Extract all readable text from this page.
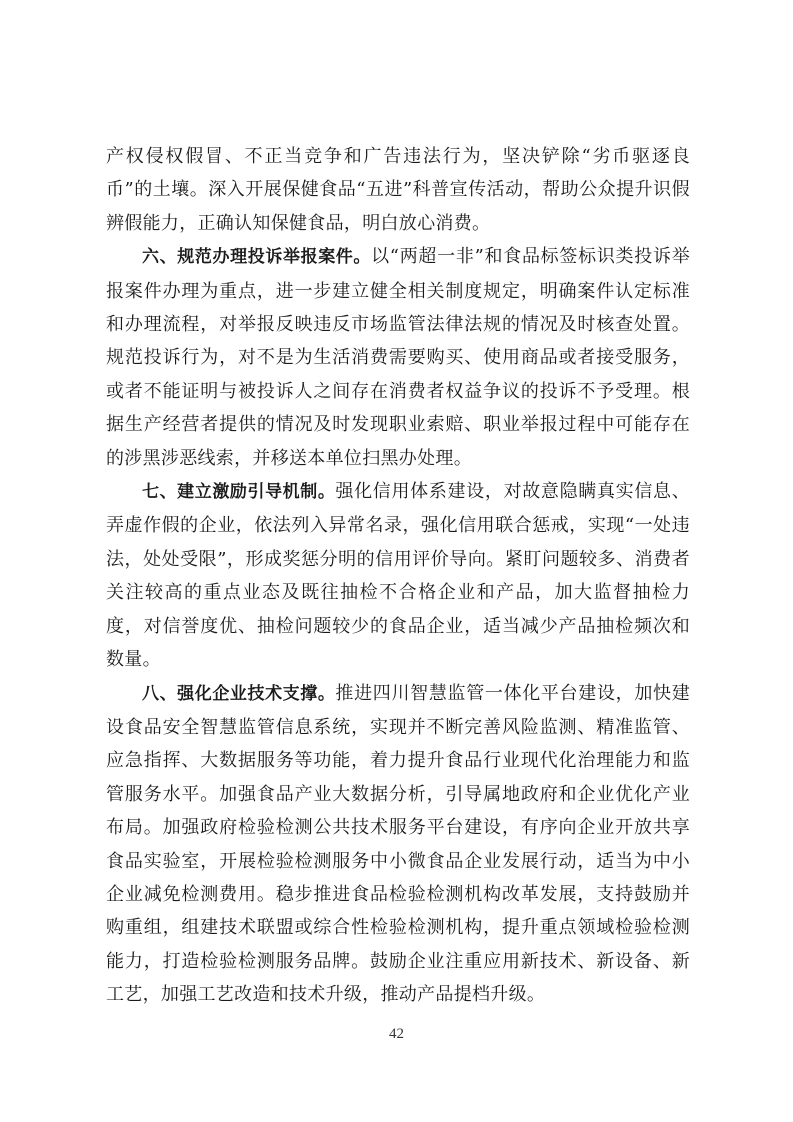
产权侵权假冒、不正当竞争和广告违法行为，坚决铲除“劣币驱逐良币”的土壤。深入开展保健食品“五进”科普宣传活动，帮助公众提升识假辨假能力，正确认知保健食品，明白放心消费。

六、规范办理投诉举报案件。以“两超一非”和食品标签标识类投诉举报案件办理为重点，进一步建立健全相关制度规定，明确案件认定标准和办理流程，对举报反映违反市场监管法律法规的情况及时核查处置。规范投诉行为，对不是为生活消费需要购买、使用商品或者接受服务，或者不能证明与被投诉人之间存在消费者权益争议的投诉不予受理。根据生产经营者提供的情况及时发现职业索赔、职业举报过程中可能存在的涉黑涉恶线索，并移送本单位扫黑办处理。

七、建立激励引导机制。强化信用体系建设，对故意隐瞒真实信息、弄虚作假的企业，依法列入异常名录，强化信用联合惩戒，实现“一处违法，处处受限”，形成奖惩分明的信用评价导向。紧盯问题较多、消费者关注较高的重点业态及既往抽检不合格企业和产品，加大监督抽检力度，对信誉度优、抽检问题较少的食品企业，适当减少产品抽检频次和数量。

八、强化企业技术支撑。推进四川智慧监管一体化平台建设，加快建设食品安全智慧监管信息系统，实现并不断完善风险监测、精准监管、应急指挥、大数据服务等功能，着力提升食品行业现代化治理能力和监管服务水平。加强食品产业大数据分析，引导属地政府和企业优化产业布局。加强政府检验检测公共技术服务平台建设，有序向企业开放共享食品实验室，开展检验检测服务中小微食品企业发展行动，适当为中小企业减免检测费用。稳步推进食品检验检测机构改革发展，支持鼓励并购重组，组建技术联盟或综合性检验检测机构，提升重点领域检验检测能力，打造检验检测服务品牌。鼓励企业注重应用新技术、新设备、新工艺，加强工艺改造和技术升级，推动产品提档升级。

42
